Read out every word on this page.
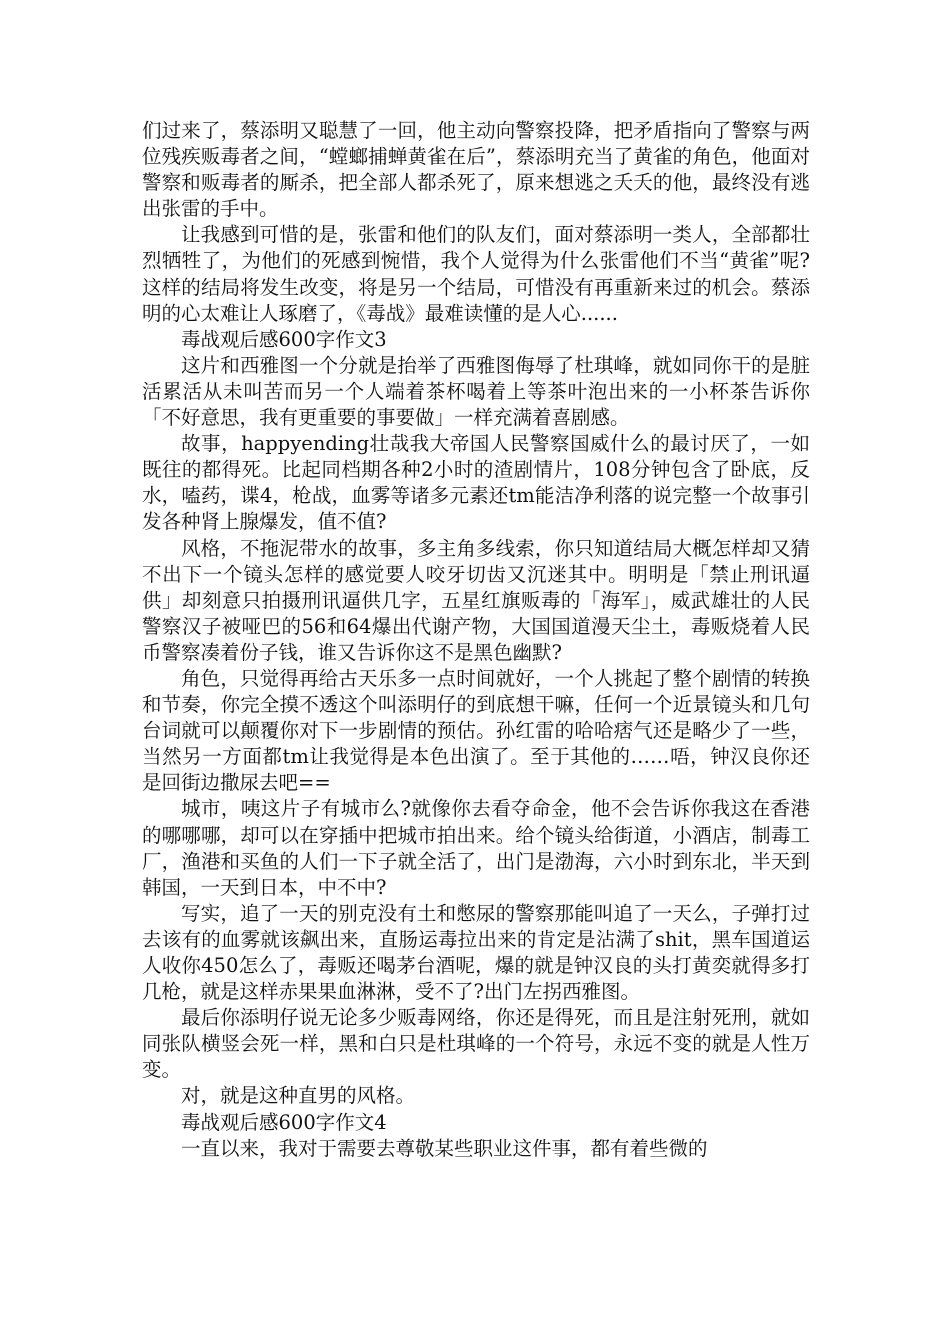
们过来了，蔡添明又聪慧了一回，他主动向警察投降，把矛盾指向了警察与两位残疾贩毒者之间，“螳螂捕蝉黄雀在后”，蔡添明充当了黄雀的角色，他面对警察和贩毒者的厮杀，把全部人都杀死了，原来想逃之夭夭的他，最终没有逃出张雷的手中。

让我感到可惜的是，张雷和他们的队友们，面对蔡添明一类人，全部都壮烈牺牲了，为他们的死感到惋惜，我个人觉得为什么张雷他们不当“黄雀”呢?这样的结局将发生改变，将是另一个结局，可惜没有再重新来过的机会。蔡添明的心太难让人琢磨了，《毒战》最难读懂的是人心......

毒战观后感600字作文3

这片和西雅图一个分就是抬举了西雅图侮辱了杜琪峰，就如同你干的是脏活累活从未叫苦而另一个人端着茶杯喝着上等茶叶泡出来的一小杯茶告诉你「不好意思，我有更重要的事要做」一样充满着喜剧感。

故事，happyending壮哉我大帝国人民警察国威什么的最讨厌了，一如既往的都得死。比起同档期各种2小时的渣剧情片，108分钟包含了卧底，反水，嗑药，谍4，枪战，血雾等诸多元素还tm能洁净利落的说完整一个故事引发各种肾上腺爆发，值不值?

风格，不拖泥带水的故事，多主角多线索，你只知道结局大概怎样却又猜不出下一个镜头怎样的感觉要人咬牙切齿又沉迷其中。明明是「禁止刑讯逼供」却刻意只拍摄刑讯逼供几字，五星红旗贩毒的「海军」，威武雄壮的人民警察汉子被哑巴的56和64爆出代谢产物，大国国道漫天尘土，毒贩烧着人民币警察凑着份子钱，谁又告诉你这不是黑色幽默?

角色，只觉得再给古天乐多一点时间就好，一个人挑起了整个剧情的转换和节奏，你完全摸不透这个叫添明仔的到底想干嘛，任何一个近景镜头和几句台词就可以颠覆你对下一步剧情的预估。孙红雷的哈哈痞气还是略少了一些，当然另一方面都tm让我觉得是本色出演了。至于其他的……唔，钟汉良你还是回街边撒尿去吧==

城市，咦这片子有城市么?就像你去看夺命金，他不会告诉你我这在香港的哪哪哪，却可以在穿插中把城市拍出来。给个镜头给街道，小酒店，制毒工厂，渔港和买鱼的人们一下子就全活了，出门是渤海，六小时到东北，半天到韩国，一天到日本，中不中?

写实，追了一天的别克没有土和憋尿的警察那能叫追了一天么，子弹打过去该有的血雾就该飙出来，直肠运毒拉出来的肯定是沾满了shit，黑车国道运人收你450怎么了，毒贩还喝茅台酒呢，爆的就是钟汉良的头打黄奕就得多打几枪，就是这样赤果果血淋淋，受不了?出门左拐西雅图。

最后你添明仔说无论多少贩毒网络，你还是得死，而且是注射死刑，就如同张队横竖会死一样，黑和白只是杜琪峰的一个符号，永远不变的就是人性万变。

对，就是这种直男的风格。

毒战观后感600字作文4

一直以来，我对于需要去尊敬某些职业这件事，都有着些微的
